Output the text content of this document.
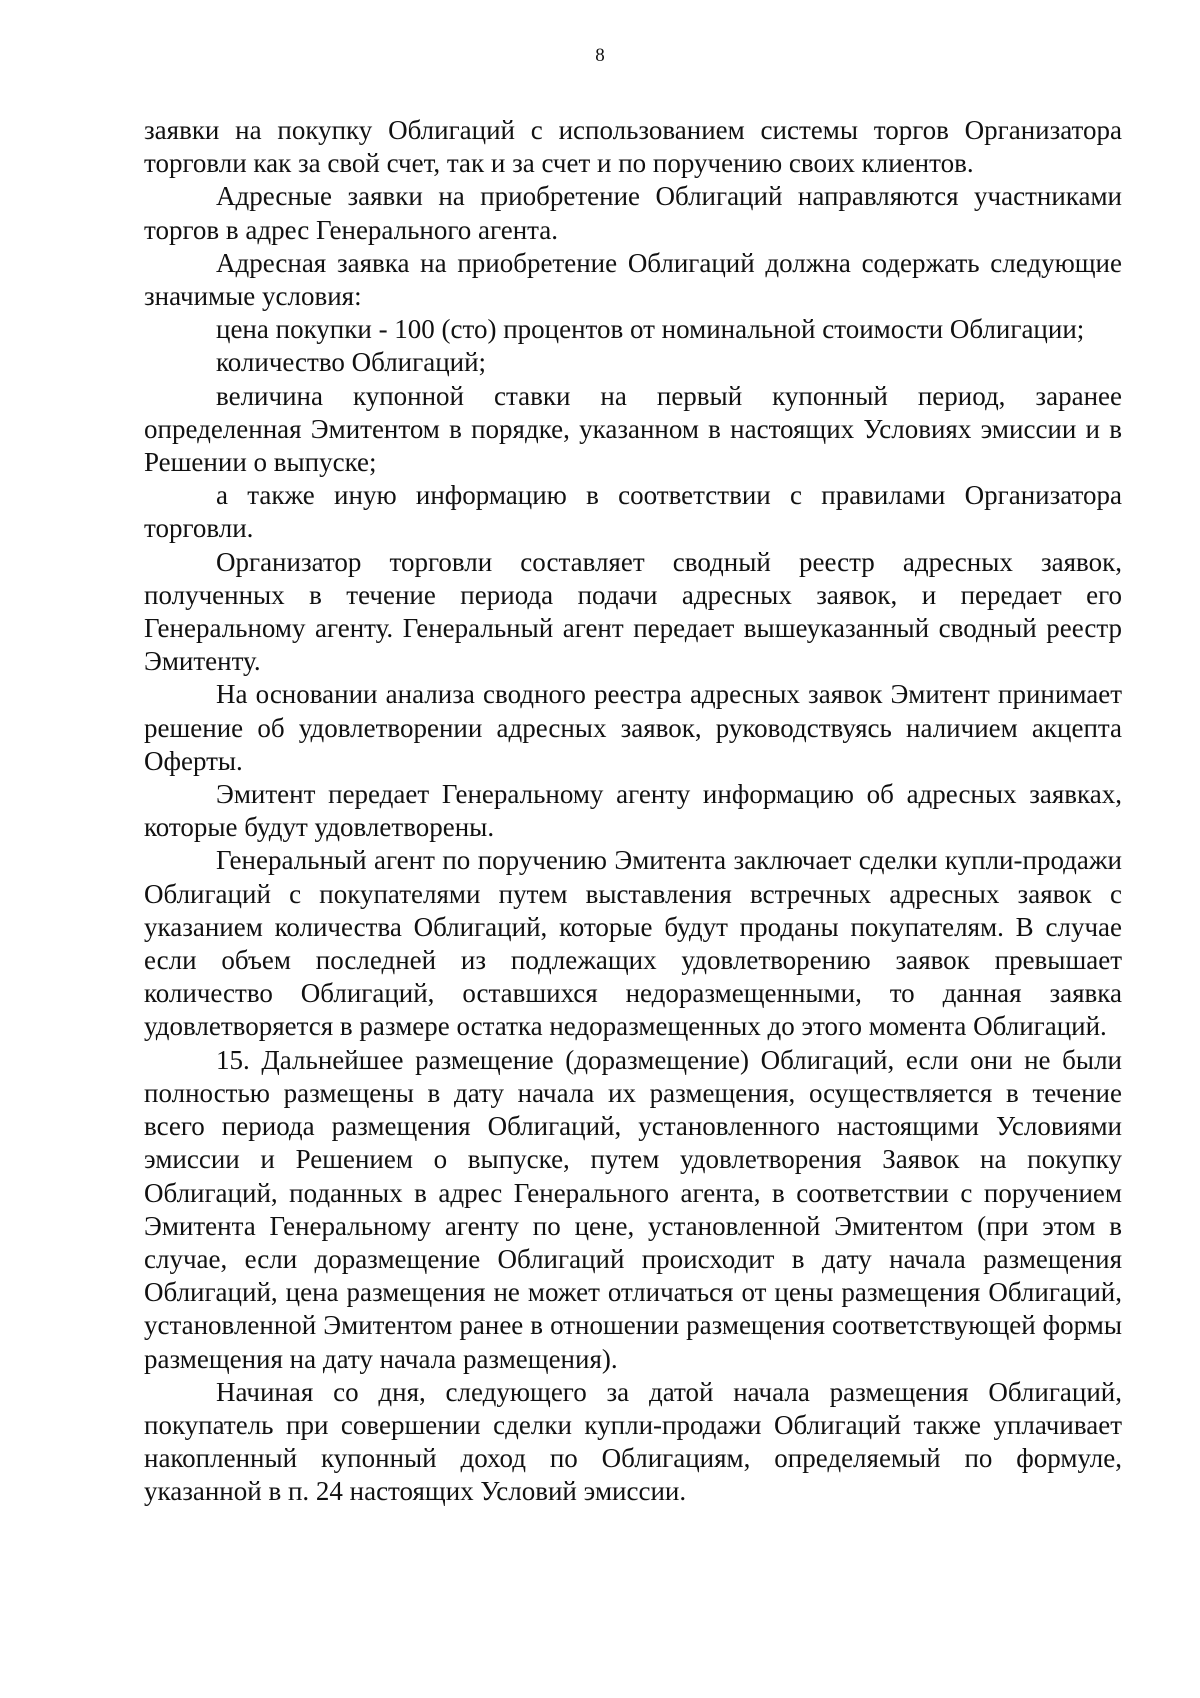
8

заявки на покупку Облигаций с использованием системы торгов Организатора торговли как за свой счет, так и за счет и по поручению своих клиентов.

Адресные заявки на приобретение Облигаций направляются участниками торгов в адрес Генерального агента.

Адресная заявка на приобретение Облигаций должна содержать следующие значимые условия:

цена покупки - 100 (сто) процентов от номинальной стоимости Облигации;

количество Облигаций;

величина купонной ставки на первый купонный период, заранее определенная Эмитентом в порядке, указанном в настоящих Условиях эмиссии и в Решении о выпуске;

а также иную информацию в соответствии с правилами Организатора торговли.

Организатор торговли составляет сводный реестр адресных заявок, полученных в течение периода подачи адресных заявок, и передает его Генеральному агенту. Генеральный агент передает вышеуказанный сводный реестр Эмитенту.

На основании анализа сводного реестра адресных заявок Эмитент принимает решение об удовлетворении адресных заявок, руководствуясь наличием акцепта Оферты.

Эмитент передает Генеральному агенту информацию об адресных заявках, которые будут удовлетворены.

Генеральный агент по поручению Эмитента заключает сделки купли-продажи Облигаций с покупателями путем выставления встречных адресных заявок с указанием количества Облигаций, которые будут проданы покупателям. В случае если объем последней из подлежащих удовлетворению заявок превышает количество Облигаций, оставшихся недоразмещенными, то данная заявка удовлетворяется в размере остатка недоразмещенных до этого момента Облигаций.

15. Дальнейшее размещение (доразмещение) Облигаций, если они не были полностью размещены в дату начала их размещения, осуществляется в течение всего периода размещения Облигаций, установленного настоящими Условиями эмиссии и Решением о выпуске, путем удовлетворения Заявок на покупку Облигаций, поданных в адрес Генерального агента, в соответствии с поручением Эмитента Генеральному агенту по цене, установленной Эмитентом (при этом в случае, если доразмещение Облигаций происходит в дату начала размещения Облигаций, цена размещения не может отличаться от цены размещения Облигаций, установленной Эмитентом ранее в отношении размещения соответствующей формы размещения на дату начала размещения).

Начиная со дня, следующего за датой начала размещения Облигаций, покупатель при совершении сделки купли-продажи Облигаций также уплачивает накопленный купонный доход по Облигациям, определяемый по формуле, указанной в п. 24 настоящих Условий эмиссии.
